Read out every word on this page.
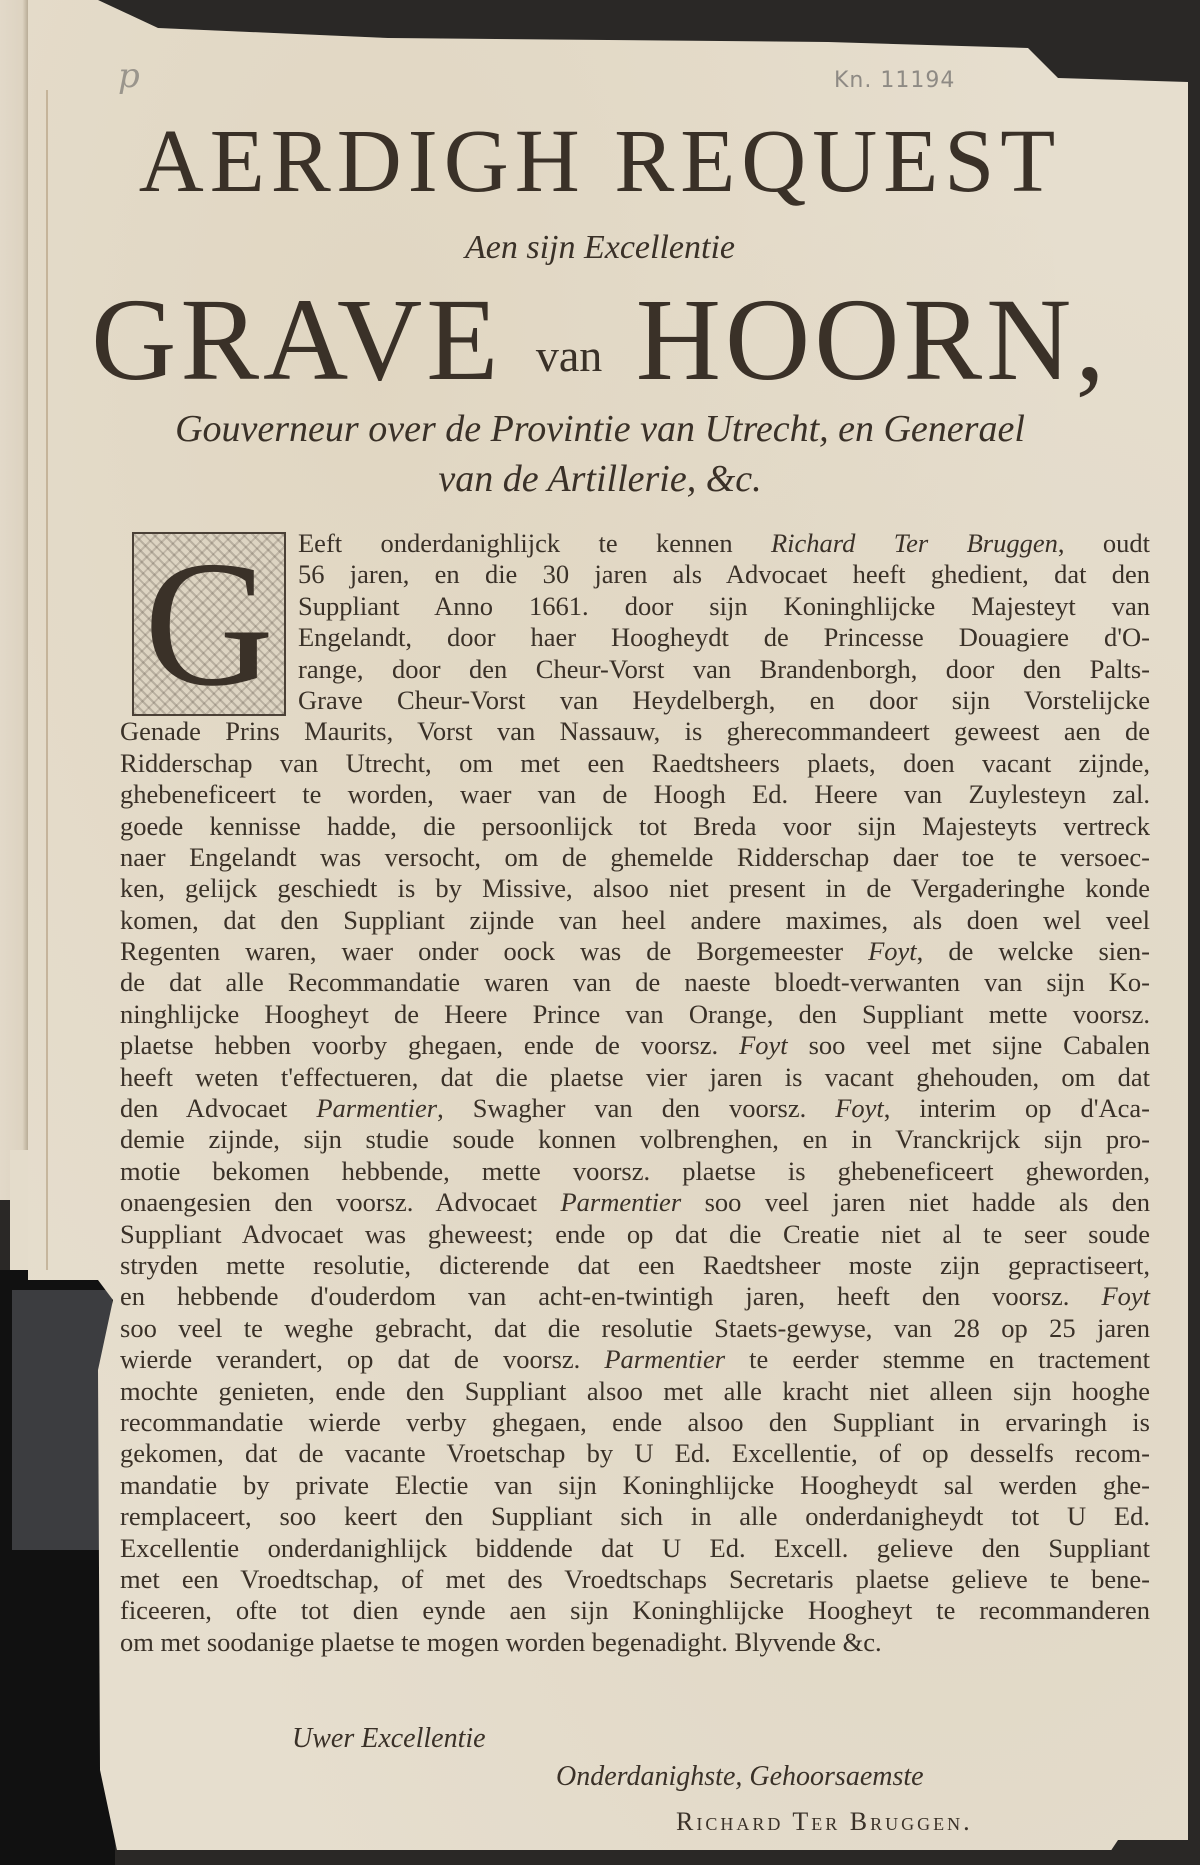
p	Kn. 11194
AERDIGH REQUEST
Aen sijn Excellentie
GRAVE van HOORN,
Gouverneur over de Provintie van Utrecht, en Generael
van de Artillerie, &c.
G Eeft onderdanighlijck te kennen Richard Ter Bruggen, oudt
56 jaren, en die 30 jaren als Advocaet heeft ghedient, dat den
Suppliant Anno 1661. door sijn Koninghlijcke Majesteyt van
Engelandt, door haer Hoogheydt de Princesse Douagiere d'O-
range, door den Cheur-Vorst van Brandenborgh, door den Palts-
Grave Cheur-Vorst van Heydelbergh, en door sijn Vorstelijcke
Genade Prins Maurits, Vorst van Nassauw, is gherecommandeert geweest aen de
Ridderschap van Utrecht, om met een Raedtsheers plaets, doen vacant zijnde,
ghebeneficeert te worden, waer van de Hoogh Ed. Heere van Zuylesteyn zal.
goede kennisse hadde, die persoonlijck tot Breda voor sijn Majesteyts vertreck
naer Engelandt was versocht, om de ghemelde Ridderschap daer toe te versoec-
ken, gelijck geschiedt is by Missive, alsoo niet present in de Vergaderinghe konde
komen, dat den Suppliant zijnde van heel andere maximes, als doen wel veel
Regenten waren, waer onder oock was de Borgemeester Foyt, de welcke sien-
de dat alle Recommandatie waren van de naeste bloedt-verwanten van sijn Ko-
ninghlijcke Hoogheyt de Heere Prince van Orange, den Suppliant mette voorsz.
plaetse hebben voorby ghegaen, ende de voorsz. Foyt soo veel met sijne Cabalen
heeft weten t'effectueren, dat die plaetse vier jaren is vacant ghehouden, om dat
den Advocaet Parmentier, Swagher van den voorsz. Foyt, interim op d'Aca-
demie zijnde, sijn studie soude konnen volbrenghen, en in Vranckrijck sijn pro-
motie bekomen hebbende, mette voorsz. plaetse is ghebeneficeert gheworden,
onaengesien den voorsz. Advocaet Parmentier soo veel jaren niet hadde als den
Suppliant Advocaet was gheweest; ende op dat die Creatie niet al te seer soude
stryden mette resolutie, dicterende dat een Raedtsheer moste zijn gepractiseert,
en hebbende d'ouderdom van acht-en-twintigh jaren, heeft den voorsz. Foyt
soo veel te weghe gebracht, dat die resolutie Staets-gewyse, van 28 op 25 jaren
wierde verandert, op dat de voorsz. Parmentier te eerder stemme en tractement
mochte genieten, ende den Suppliant alsoo met alle kracht niet alleen sijn hooghe
recommandatie wierde verby ghegaen, ende alsoo den Suppliant in ervaringh is
gekomen, dat de vacante Vroetschap by U Ed. Excellentie, of op desselfs recom-
mandatie by private Electie van sijn Koninghlijcke Hoogheydt sal werden ghe-
remplaceert, soo keert den Suppliant sich in alle onderdanigheydt tot U Ed.
Excellentie onderdanighlijck biddende dat U Ed. Excell. gelieve den Suppliant
met een Vroedtschap, of met des Vroedtschaps Secretaris plaetse gelieve te bene-
ficeeren, ofte tot dien eynde aen sijn Koninghlijcke Hoogheyt te recommanderen
om met soodanige plaetse te mogen worden begenadight. Blyvende &c.
Uwer Excellentie
Onderdanighste, Gehoorsaemste
Richard Ter Bruggen.
